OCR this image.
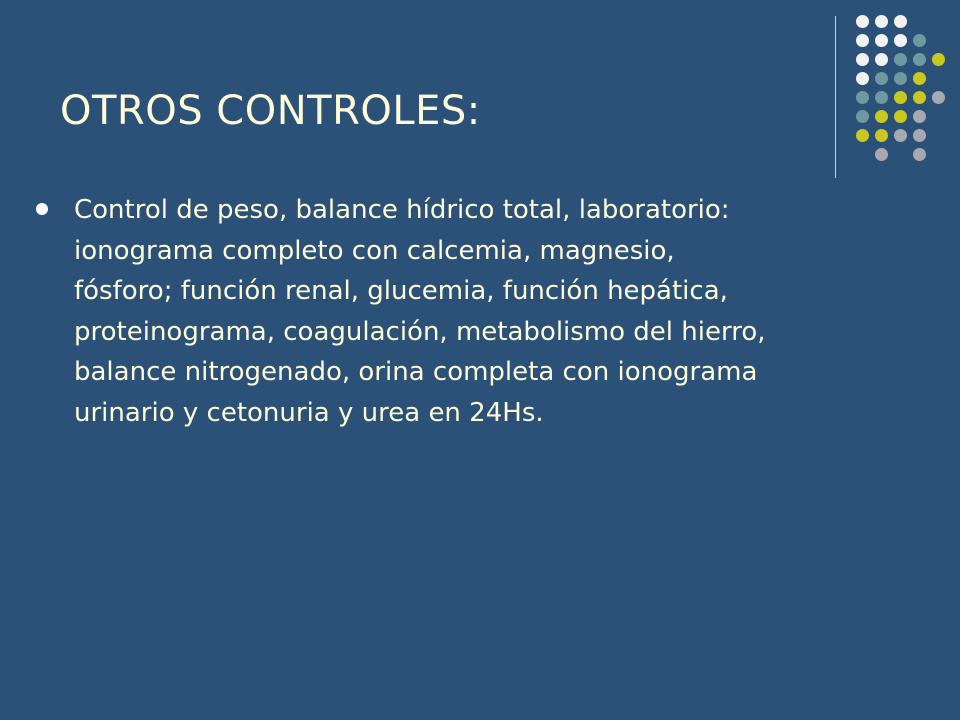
OTROS CONTROLES:
Control de peso, balance hídrico total, laboratorio: ionograma completo con calcemia, magnesio, fósforo; función renal, glucemia, función hepática, proteinograma, coagulación, metabolismo del hierro, balance nitrogenado, orina completa con ionograma urinario y cetonuria y urea en 24Hs.
